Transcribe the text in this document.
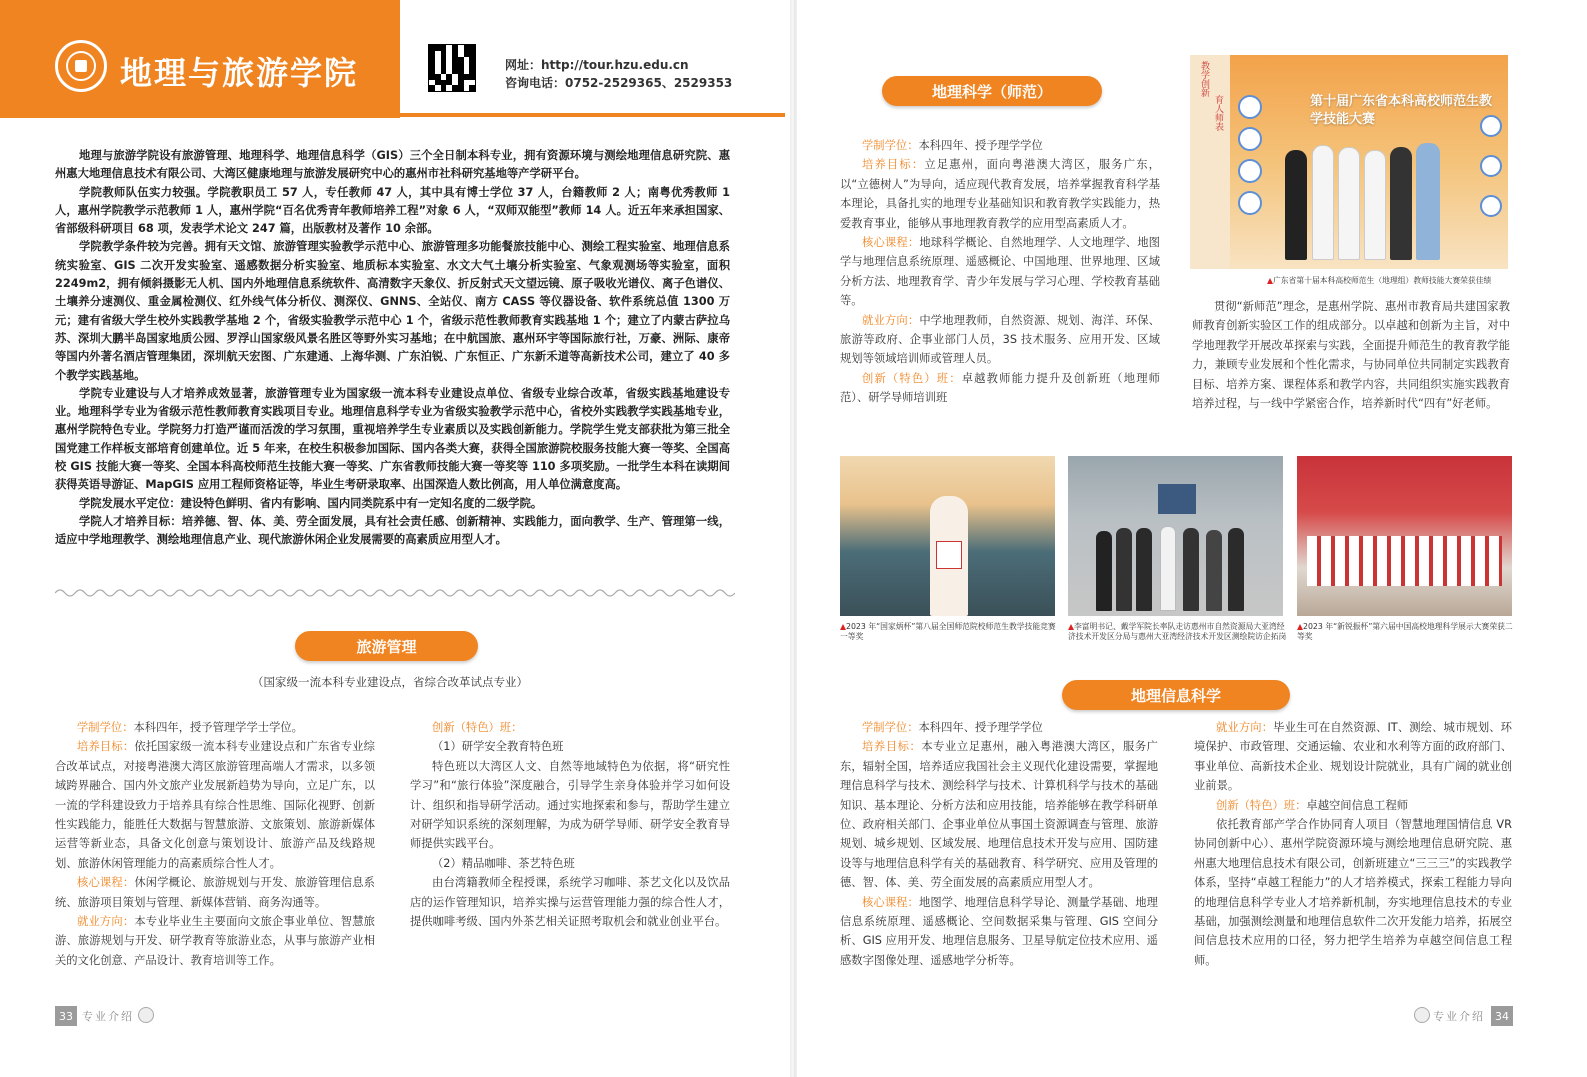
地理与旅游学院	网址：http://tour.hzu.edu.cn
咨询电话：0752-2529365、2529353

地理与旅游学院设有旅游管理、地理科学、地理信息科学（GIS）三个全日制本科专业，拥有资源环境与测绘地理信息研究院、惠州惠大地理信息技术有限公司、大湾区健康地理与旅游发展研究中心的惠州市社科研究基地等产学研平台。

学院教师队伍实力较强。学院教职员工 57 人，专任教师 47 人，其中具有博士学位 37 人，台籍教师 2 人；南粤优秀教师 1 人，惠州学院教学示范教师 1 人，惠州学院“百名优秀青年教师培养工程”对象 6 人，“双师双能型”教师 14 人。近五年来承担国家、省部级科研项目 68 项，发表学术论文 247 篇，出版教材及著作 10 余部。

学院教学条件较为完善。拥有天文馆、旅游管理实验教学示范中心、旅游管理多功能餐旅技能中心、测绘工程实验室、地理信息系统实验室、GIS 二次开发实验室、遥感数据分析实验室、地质标本实验室、水文大气土壤分析实验室、气象观测场等实验室，面积 2249m2，拥有倾斜摄影无人机、国内外地理信息系统软件、高清数字天象仪、折反射式天文望远镜、原子吸收光谱仪、离子色谱仪、土壤养分速测仪、重金属检测仪、红外线气体分析仪、测深仪、GNNS、全站仪、南方 CASS 等仪器设备、软件系统总值 1300 万元；建有省级大学生校外实践教学基地 2 个，省级实验教学示范中心 1 个，省级示范性教师教育实践基地 1 个；建立了内蒙古萨拉乌苏、深圳大鹏半岛国家地质公园、罗浮山国家级风景名胜区等野外实习基地；在中航国旅、惠州环宇等国际旅行社，万豪、洲际、康帝等国内外著名酒店管理集团，深圳航天宏图、广东建通、上海华测、广东泊锐、广东恒正、广东新禾道等高新技术公司，建立了 40 多个教学实践基地。

学院专业建设与人才培养成效显著，旅游管理专业为国家级一流本科专业建设点单位、省级专业综合改革，省级实践基地建设专业。地理科学专业为省级示范性教师教育实践项目专业。地理信息科学专业为省级实验教学示范中心，省校外实践教学实践基地专业，惠州学院特色专业。学院努力打造严谨而活泼的学习氛围，重视培养学生专业素质以及实践创新能力。学院学生党支部获批为第三批全国党建工作样板支部培育创建单位。近 5 年来，在校生积极参加国际、国内各类大赛，获得全国旅游院校服务技能大赛一等奖、全国高校 GIS 技能大赛一等奖、全国本科高校师范生技能大赛一等奖、广东省教师技能大赛一等奖等 110 多项奖励。一批学生本科在读期间获得英语导游证、MapGIS 应用工程师资格证等，毕业生考研录取率、出国深造人数比例高，用人单位满意度高。

学院发展水平定位：建设特色鲜明、省内有影响、国内同类院系中有一定知名度的二级学院。

学院人才培养目标：培养德、智、体、美、劳全面发展，具有社会责任感、创新精神、实践能力，面向教学、生产、管理第一线，适应中学地理教学、测绘地理信息产业、现代旅游休闲企业发展需要的高素质应用型人才。

旅游管理
（国家级一流本科专业建设点，省综合改革试点专业）

学制学位：本科四年，授予管理学学士学位。

培养目标：依托国家级一流本科专业建设点和广东省专业综合改革试点，对接粤港澳大湾区旅游管理高端人才需求，以多领域跨界融合、国内外文旅产业发展新趋势为导向，立足广东，以一流的学科建设致力于培养具有综合性思维、国际化视野、创新性实践能力，能胜任大数据与智慧旅游、文旅策划、旅游新媒体运营等新业态，具备文化创意与策划设计、旅游产品及线路规划、旅游休闲管理能力的高素质综合性人才。

核心课程：休闲学概论、旅游规划与开发、旅游管理信息系统、旅游项目策划与管理、新媒体营销、商务沟通等。

就业方向：本专业毕业生主要面向文旅企事业单位、智慧旅游、旅游规划与开发、研学教育等旅游业态，从事与旅游产业相关的文化创意、产品设计、教育培训等工作。

创新（特色）班：

（1）研学安全教育特色班

特色班以大湾区人文、自然等地域特色为依据，将“研究性学习”和“旅行体验”深度融合，引导学生亲身体验并学习如何设计、组织和指导研学活动。通过实地探索和参与，帮助学生建立对研学知识系统的深刻理解，为成为研学导师、研学安全教育导师提供实践平台。

（2）精品咖啡、茶艺特色班

由台湾籍教师全程授课，系统学习咖啡、茶艺文化以及饮品店的运作管理知识，培养实操与运营管理能力强的综合性人才，提供咖啡考级、国内外茶艺相关证照考取机会和就业创业平台。

33 专业介绍
地理科学（师范）

学制学位：本科四年、授予理学学位

培养目标：立足惠州，面向粤港澳大湾区，服务广东，以“立德树人”为导向，适应现代教育发展，培养掌握教育科学基本理论，具备扎实的地理专业基础知识和教育教学实践能力，热爱教育事业，能够从事地理教育教学的应用型高素质人才。

核心课程：地球科学概论、自然地理学、人文地理学、地图学与地理信息系统原理、遥感概论、中国地理、世界地理、区域分析方法、地理教育学、青少年发展与学习心理、学校教育基础等。

就业方向：中学地理教师，自然资源、规划、海洋、环保、旅游等政府、企事业部门人员，3S 技术服务、应用开发、区域规划等领域培训师或管理人员。

创新（特色）班：卓越教师能力提升及创新班（地理师范）、研学导师培训班

教学创新
育人师表	第十届广东省本科高校师范生教学技能大赛
▲广东省第十届本科高校师范生（地理组）教师技能大赛荣获佳绩

贯彻“新师范”理念，是惠州学院、惠州市教育局共建国家教师教育创新实验区工作的组成部分。以卓越和创新为主旨，对中学地理教学开展改革探索与实践，全面提升师范生的教育教学能力，兼顾专业发展和个性化需求，与协同单位共同制定实践教育目标、培养方案、课程体系和教学内容，共同组织实施实践教育培养过程，与一线中学紧密合作，培养新时代“四有”好老师。

▲2023 年“国家炳杯”第八届全国师范院校师范生教学技能竞赛一等奖
▲李富明书记、戴学军院长率队走访惠州市自然资源局大亚湾经济技术开发区分局与惠州大亚湾经济技术开发区测绘院访企拓岗
▲2023 年“新锐振杯”第六届中国高校地理科学展示大赛荣获二等奖
地理信息科学

学制学位：本科四年、授予理学学位

培养目标：本专业立足惠州，融入粤港澳大湾区，服务广东，辐射全国，培养适应我国社会主义现代化建设需要，掌握地理信息科学与技术、测绘科学与技术、计算机科学与技术的基础知识、基本理论、分析方法和应用技能，培养能够在教学科研单位、政府相关部门、企事业单位从事国土资源调查与管理、旅游规划、城乡规划、区域发展、地理信息技术开发与应用、国防建设等与地理信息科学有关的基础教育、科学研究、应用及管理的德、智、体、美、劳全面发展的高素质应用型人才。

核心课程：地图学、地理信息科学导论、测量学基础、地理信息系统原理、遥感概论、空间数据采集与管理、GIS 空间分析、GIS 应用开发、地理信息服务、卫星导航定位技术应用、遥感数字图像处理、遥感地学分析等。

就业方向：毕业生可在自然资源、IT、测绘、城市规划、环境保护、市政管理、交通运输、农业和水利等方面的政府部门、事业单位、高新技术企业、规划设计院就业，具有广阔的就业创业前景。

创新（特色）班：卓越空间信息工程师

依托教育部产学合作协同育人项目（智慧地理国情信息 VR 协同创新中心）、惠州学院资源环境与测绘地理信息研究院、惠州惠大地理信息技术有限公司，创新班建立“三三三”的实践教学体系，坚持“卓越工程能力”的人才培养模式，探索工程能力导向的地理信息科学专业人才培养新机制，夯实地理信息技术的专业基础，加强测绘测量和地理信息软件二次开发能力培养，拓展空间信息技术应用的口径，努力把学生培养为卓越空间信息工程师。

专业介绍 34
